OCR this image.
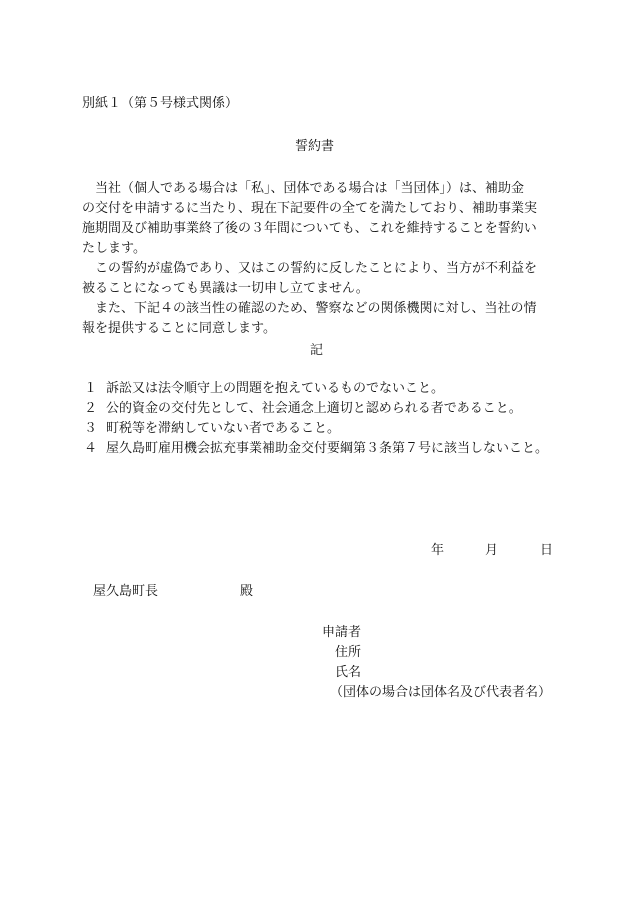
別紙１（第５号様式関係）
誓約書
　当社（個人である場合は「私」、団体である場合は「当団体」）は、補助金
の交付を申請するに当たり、現在下記要件の全てを満たしており、補助事業実
施期間及び補助事業終了後の３年間についても、これを維持することを誓約い
たします。
　この誓約が虚偽であり、又はこの誓約に反したことにより、当方が不利益を
被ることになっても異議は一切申し立てません。
　また、下記４の該当性の確認のため、警察などの関係機関に対し、当社の情
報を提供することに同意します。
記
１ 訴訟又は法令順守上の問題を抱えているものでないこと。
２ 公的資金の交付先として、社会通念上適切と認められる者であること。
３ 町税等を滞納していない者であること。
４ 屋久島町雇用機会拡充事業補助金交付要綱第３条第７号に該当しないこと。
年	月	日
屋久島町長	殿
申請者
住所
氏名
（団体の場合は団体名及び代表者名）
